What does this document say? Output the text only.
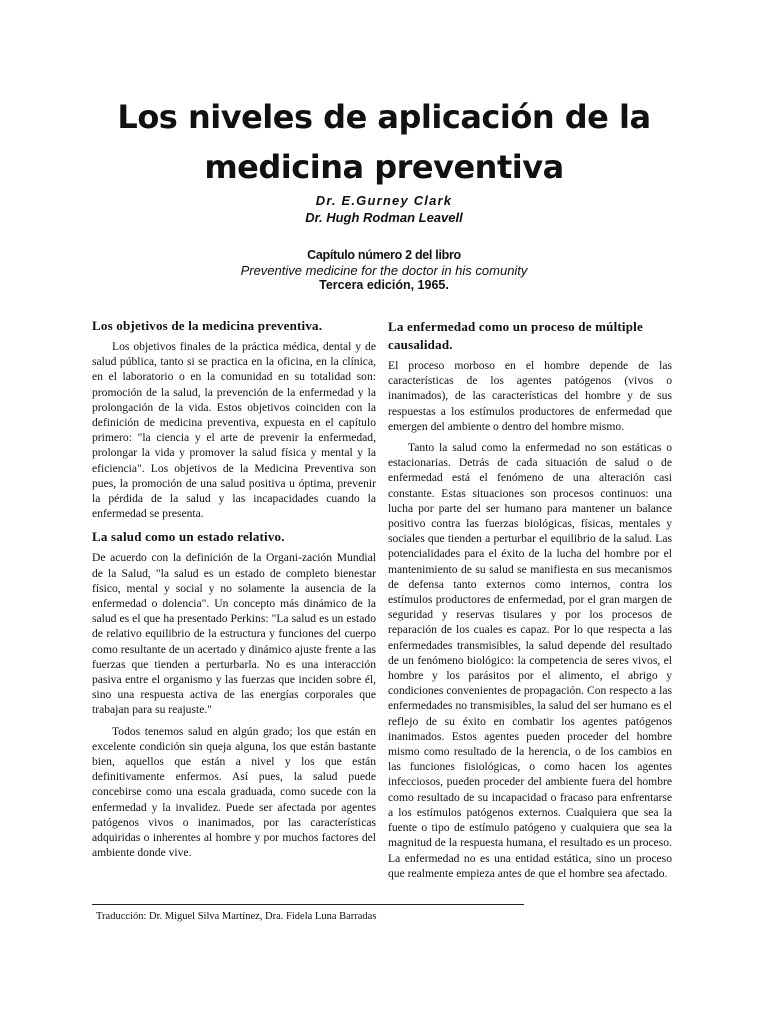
Los niveles de aplicación de la
medicina preventiva
Dr. E.Gurney Clark
Dr. Hugh Rodman Leavell
Capítulo número 2 del libro
Preventive medicine for the doctor in his comunity
Tercera edición, 1965.
Los objetivos de la medicina preventiva.

Los objetivos finales de la práctica médica, dental y de salud pública, tanto si se practica en la oficina, en la clínica, en el laboratorio o en la comunidad en su totalidad son: promoción de la salud, la prevención de la enfermedad y la prolongación de la vida. Estos objetivos coinciden con la definición de medicina preventiva, expuesta en el capítulo primero: "la ciencia y el arte de prevenir la enfermedad, prolongar la vida y promover la salud física y mental y la eficiencia". Los objetivos de la Medicina Preventiva son pues, la promoción de una salud positiva u óptima, prevenir la pérdida de la salud y las incapacidades cuando la enfermedad se presenta.

La salud como un estado relativo.

De acuerdo con la definición de la Organi-zación Mundial de la Salud, "la salud es un estado de completo bienestar físico, mental y social y no solamente la ausencia de la enfermedad o dolencia". Un concepto más dinámico de la salud es el que ha presentado Perkins: "La salud es un estado de relativo equilibrio de la estructura y funciones del cuerpo como resultante de un acertado y dinámico ajuste frente a las fuerzas que tienden a perturbarla. No es una interacción pasiva entre el organismo y las fuerzas que inciden sobre él, sino una respuesta activa de las energías corporales que trabajan para su reajuste."

Todos tenemos salud en algún grado; los que están en excelente condición sin queja alguna, los que están bastante bien, aquellos que están a nivel y los que están definitivamente enfermos. Así pues, la salud puede concebirse como una escala graduada, como sucede con la enfermedad y la invalidez. Puede ser afectada por agentes patógenos vivos o inanimados, por las características adquiridas o inherentes al hombre y por muchos factores del ambiente donde vive.

La enfermedad como un proceso de múltiple causalidad.

El proceso morboso en el hombre depende de las características de los agentes patógenos (vivos o inanimados), de las características del hombre y de sus respuestas a los estímulos productores de enfermedad que emergen del ambiente o dentro del hombre mismo.

Tanto la salud como la enfermedad no son estáticas o estacionarias. Detrás de cada situación de salud o de enfermedad está el fenómeno de una alteración casi constante. Estas situaciones son procesos continuos: una lucha por parte del ser humano para mantener un balance positivo contra las fuerzas biológicas, físicas, mentales y sociales que tienden a perturbar el equilibrio de la salud. Las potencialidades para el éxito de la lucha del hombre por el mantenimiento de su salud se manifiesta en sus mecanismos de defensa tanto externos como internos, contra los estímulos productores de enfermedad, por el gran margen de seguridad y reservas tisulares y por los procesos de reparación de los cuales es capaz. Por lo que respecta a las enfermedades transmisibles, la salud depende del resultado de un fenómeno biológico: la competencia de seres vivos, el hombre y los parásitos por el alimento, el abrigo y condiciones convenientes de propagación. Con respecto a las enfermedades no transmisibles, la salud del ser humano es el reflejo de su éxito en combatir los agentes patógenos inanimados. Estos agentes pueden proceder del hombre mismo como resultado de la herencia, o de los cambios en las funciones fisiológicas, o como hacen los agentes infecciosos, pueden proceder del ambiente fuera del hombre como resultado de su incapacidad o fracaso para enfrentarse a los estímulos patógenos externos. Cualquiera que sea la fuente o tipo de estímulo patógeno y cualquiera que sea la magnitud de la respuesta humana, el resultado es un proceso. La enfermedad no es una entidad estática, sino un proceso que realmente empieza antes de que el hombre sea afectado.

Traducción: Dr. Miguel Silva Martínez, Dra. Fidela Luna Barradas
